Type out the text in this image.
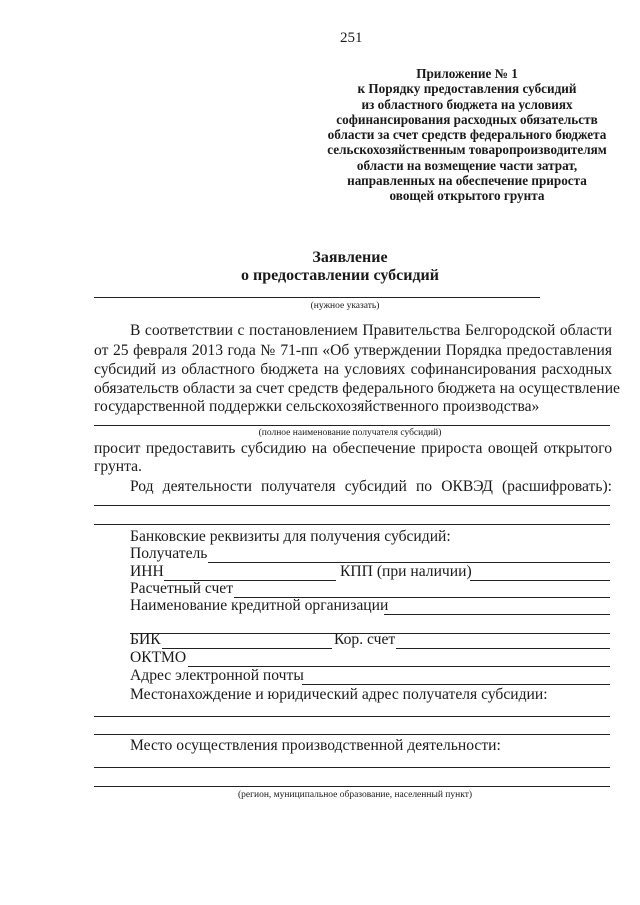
251
Приложение № 1
к Порядку предоставления субсидий
из областного бюджета на условиях
софинансирования расходных обязательств
области за счет средств федерального бюджета
сельскохозяйственным товаропроизводителям
области на возмещение части затрат,
направленных на обеспечение прироста
овощей открытого грунта
Заявление
о предоставлении субсидий
(нужное указать)
В соответствии с постановлением Правительства Белгородской области
от 25 февраля 2013 года № 71-пп «Об утверждении Порядка предоставления
субсидий из областного бюджета на условиях софинансирования расходных
обязательств области за счет средств федерального бюджета на осуществление
государственной поддержки сельскохозяйственного производства»
(полное наименование получателя субсидий)
просит предоставить субсидию на обеспечение прироста овощей открытого
грунта.
Род деятельности получателя субсидий по ОКВЭД (расшифровать):
Банковские реквизиты для получения субсидий:
Получатель
ИНН	КПП (при наличии)
Расчетный счет
Наименование кредитной организации
БИК	Кор. счет
ОКТМО
Адрес электронной почты
Местонахождение и юридический адрес получателя субсидии:
Место осуществления производственной деятельности:
(регион, муниципальное образование, населенный пункт)
